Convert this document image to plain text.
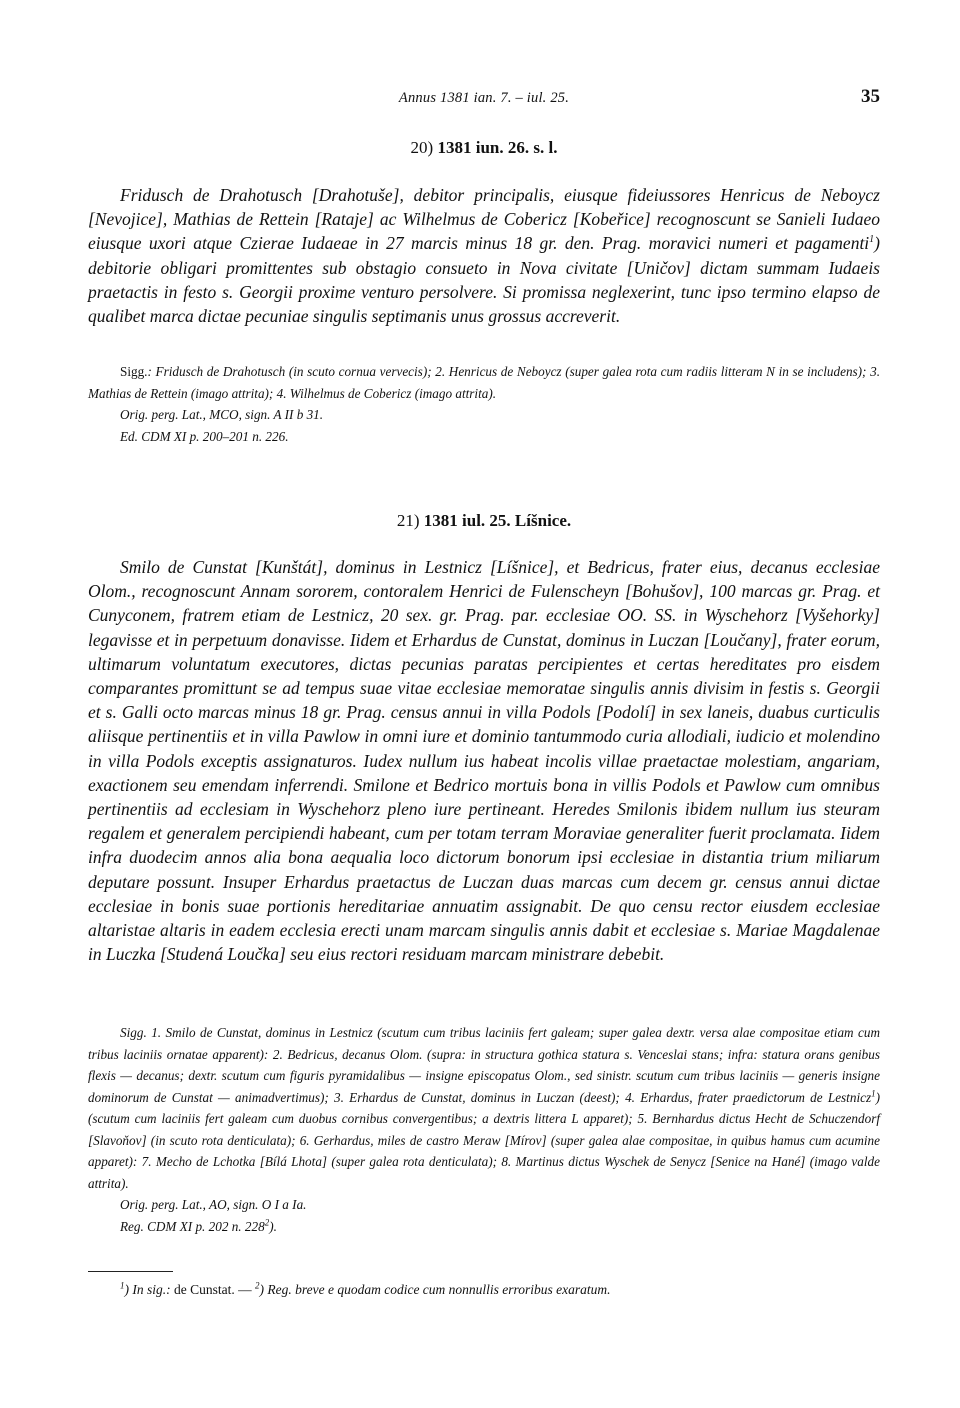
Annus 1381 ian. 7. – iul. 25.	35
20) 1381 iun. 26. s. l.

Fridusch de Drahotusch [Drahotuše], debitor principalis, eiusque fideiussores Henricus de Neboycz [Nevojice], Mathias de Rettein [Rataje] ac Wilhelmus de Cobericz [Kobeřice] recognoscunt se Sanieli Iudaeo eiusque uxori atque Czierae Iudaeae in 27 marcis minus 18 gr. den. Prag. moravici numeri et pagamenti$^1$) debitorie obligari promittentes sub obstagio consueto in Nova civitate [Uničov] dictam summam Iudaeis praetactis in festo s. Georgii proxime venturo persolvere. Si promissa neglexerint, tunc ipso termino elapso de qualibet marca dictae pecuniae singulis septimanis unus grossus accreverit.

Sigg.: Fridusch de Drahotusch (in scuto cornua vervecis); 2. Henricus de Neboycz (super galea rota cum radiis litteram N in se includens); 3. Mathias de Rettein (imago attrita); 4. Wilhelmus de Cobericz (imago attrita).

Orig. perg. Lat., MCO, sign. A II b 31.

Ed. CDM XI p. 200–201 n. 226.

21) 1381 iul. 25. Líšnice.

Smilo de Cunstat [Kunštát], dominus in Lestnicz [Líšnice], et Bedricus, frater eius, decanus ecclesiae Olom., recognoscunt Annam sororem, contoralem Henrici de Fulenscheyn [Bohušov], 100 marcas gr. Prag. et Cunyconem, fratrem etiam de Lestnicz, 20 sex. gr. Prag. par. ecclesiae OO. SS. in Wyschehorz [Vyšehorky] legavisse et in perpetuum donavisse. Iidem et Erhardus de Cunstat, dominus in Luczan [Loučany], frater eorum, ultimarum voluntatum executores, dictas pecunias paratas percipientes et certas hereditates pro eisdem comparantes promittunt se ad tempus suae vitae ecclesiae memoratae singulis annis divisim in festis s. Georgii et s. Galli octo marcas minus 18 gr. Prag. census annui in villa Podols [Podolí] in sex laneis, duabus curticulis aliisque pertinentiis et in villa Pawlow in omni iure et dominio tantummodo curia allodiali, iudicio et molendino in villa Podols exceptis assignaturos. Iudex nullum ius habeat incolis villae praetactae molestiam, angariam, exactionem seu emendam inferrendi. Smilone et Bedrico mortuis bona in villis Podols et Pawlow cum omnibus pertinentiis ad ecclesiam in Wyschehorz pleno iure pertineant. Heredes Smilonis ibidem nullum ius steuram regalem et generalem percipiendi habeant, cum per totam terram Moraviae generaliter fuerit proclamata. Iidem infra duodecim annos alia bona aequalia loco dictorum bonorum ipsi ecclesiae in distantia trium miliarum deputare possunt. Insuper Erhardus praetactus de Luczan duas marcas cum decem gr. census annui dictae ecclesiae in bonis suae portionis hereditariae annuatim assignabit. De quo censu rector eiusdem ecclesiae altaristae altaris in eadem ecclesia erecti unam marcam singulis annis dabit et ecclesiae s. Mariae Magdalenae in Luczka [Studená Loučka] seu eius rectori residuam marcam ministrare debebit.

Sigg. 1. Smilo de Cunstat, dominus in Lestnicz (scutum cum tribus laciniis fert galeam; super galea dextr. versa alae compositae etiam cum tribus laciniis ornatae apparent): 2. Bedricus, decanus Olom. (supra: in structura gothica statura s. Venceslai stans; infra: statura orans genibus flexis — decanus; dextr. scutum cum figuris pyramidalibus — insigne episcopatus Olom., sed sinistr. scutum cum tribus laciniis — generis insigne dominorum de Cunstat — animadvertimus); 3. Erhardus de Cunstat, dominus in Luczan (deest); 4. Erhardus, frater praedictorum de Lestnicz$^1$) (scutum cum laciniis fert galeam cum duobus cornibus convergentibus; a dextris littera L apparet); 5. Bernhardus dictus Hecht de Schuczendorf [Slavoňov] (in scuto rota denticulata); 6. Gerhardus, miles de castro Meraw [Mírov] (super galea alae compositae, in quibus hamus cum acumine apparet): 7. Mecho de Lchotka [Bílá Lhota] (super galea rota denticulata); 8. Martinus dictus Wyschek de Senycz [Senice na Hané] (imago valde attrita).

Orig. perg. Lat., AO, sign. O I a Ia.

Reg. CDM XI p. 202 n. $228^2$).

$^1$) In sig.: de Cunstat. — $^2$) Reg. breve e quodam codice cum nonnullis erroribus exaratum.
